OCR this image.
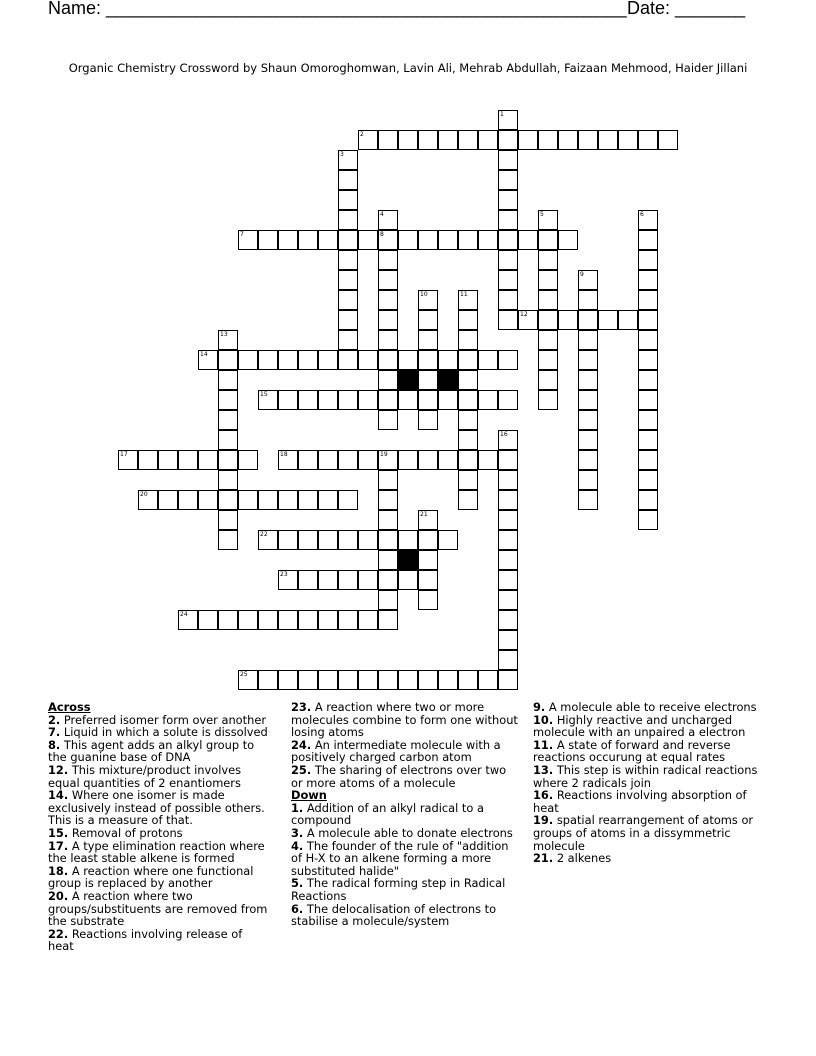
Name: ____________________________________________________ Date: _______
Organic Chemistry Crossword by Shaun Omoroghomwan, Lavin Ali, Mehrab Abdullah, Faizaan Mehmood, Haider Jillani
1
2
3
4	5	6
7	8
9
10	11
12
13
14
15
16
17	18	19
20
21
22
23
24
25
Across
2. Preferred isomer form over another
7. Liquid in which a solute is dissolved
8. This agent adds an alkyl group to the guanine base of DNA
12. This mixture/product involves equal quantities of 2 enantiomers
14. Where one isomer is made exclusively instead of possible others. This is a measure of that.
15. Removal of protons
17. A type elimination reaction where the least stable alkene is formed
18. A reaction where one functional group is replaced by another
20. A reaction where two groups/substituents are removed from the substrate
22. Reactions involving release of heat
23. A reaction where two or more molecules combine to form one without losing atoms
24. An intermediate molecule with a positively charged carbon atom
25. The sharing of electrons over two or more atoms of a molecule
Down
1. Addition of an alkyl radical to a compound
3. A molecule able to donate electrons
4. The founder of the rule of "addition of H-X to an alkene forming a more substituted halide"
5. The radical forming step in Radical Reactions
6. The delocalisation of electrons to stabilise a molecule/system
9. A molecule able to receive electrons
10. Highly reactive and uncharged molecule with an unpaired a electron
11. A state of forward and reverse reactions occurung at equal rates
13. This step is within radical reactions where 2 radicals join
16. Reactions involving absorption of heat
19. spatial rearrangement of atoms or groups of atoms in a dissymmetric molecule
21. 2 alkenes
